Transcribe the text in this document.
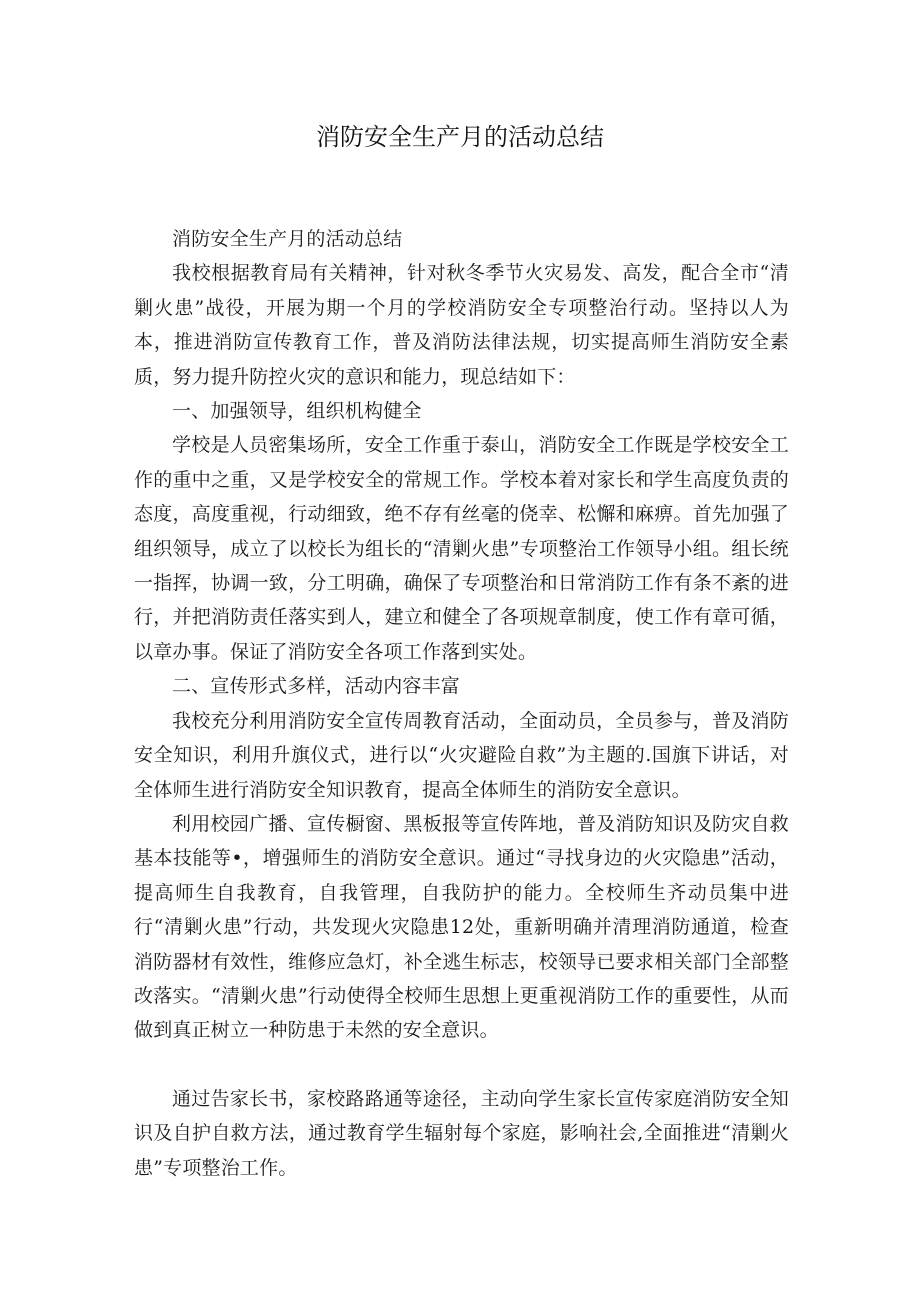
消防安全生产月的活动总结

消防安全生产月的活动总结

我校根据教育局有关精神，针对秋冬季节火灾易发、高发，配合全市“清剿火患”战役，开展为期一个月的学校消防安全专项整治行动。坚持以人为本，推进消防宣传教育工作，普及消防法律法规，切实提高师生消防安全素质，努力提升防控火灾的意识和能力，现总结如下：

一、加强领导，组织机构健全

学校是人员密集场所，安全工作重于泰山，消防安全工作既是学校安全工作的重中之重，又是学校安全的常规工作。学校本着对家长和学生高度负责的态度，高度重视，行动细致，绝不存有丝毫的侥幸、松懈和麻痹。首先加强了组织领导，成立了以校长为组长的“清剿火患”专项整治工作领导小组。组长统一指挥，协调一致，分工明确，确保了专项整治和日常消防工作有条不紊的进行，并把消防责任落实到人，建立和健全了各项规章制度，使工作有章可循，以章办事。保证了消防安全各项工作落到实处。

二、宣传形式多样，活动内容丰富

我校充分利用消防安全宣传周教育活动，全面动员，全员参与，普及消防安全知识，利用升旗仪式，进行以“火灾避险自救”为主题的.国旗下讲话，对全体师生进行消防安全知识教育，提高全体师生的消防安全意识。

利用校园广播、宣传橱窗、黑板报等宣传阵地，普及消防知识及防灾自救基本技能等•，增强师生的消防安全意识。通过“寻找身边的火灾隐患”活动，提高师生自我教育，自我管理，自我防护的能力。全校师生齐动员集中进行“清剿火患”行动，共发现火灾隐患12处，重新明确并清理消防通道，检查消防器材有效性，维修应急灯，补全逃生标志，校领导已要求相关部门全部整改落实。“清剿火患”行动使得全校师生思想上更重视消防工作的重要性，从而做到真正树立一种防患于未然的安全意识。

通过告家长书，家校路路通等途径，主动向学生家长宣传家庭消防安全知识及自护自救方法，通过教育学生辐射每个家庭，影响社会,全面推进“清剿火患”专项整治工作。
